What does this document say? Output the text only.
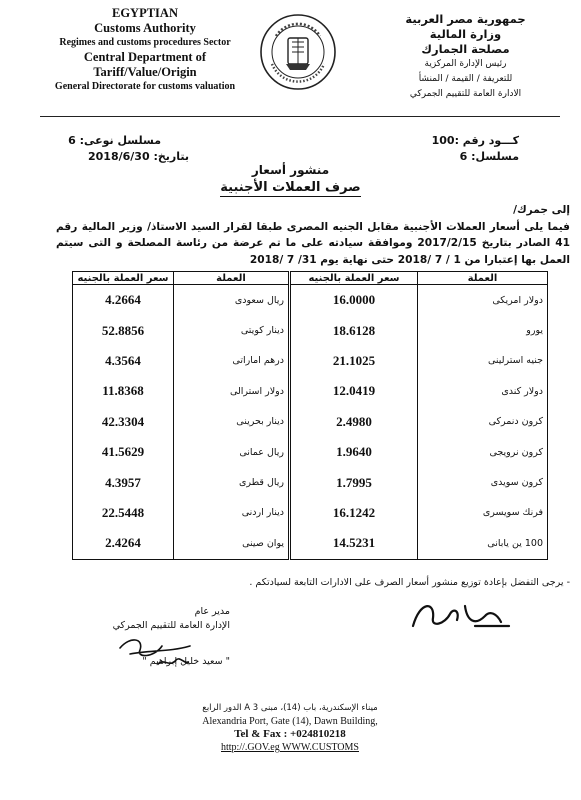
EGYPTIAN
Customs Authority
Regimes and customs procedures Sector
Central Department of
Tariff/Value/Origin
General Directorate for customs valuation
جمهورية مصر العربية
وزارة المالية
مصلحة الجمارك
رئيس الإدارة المركزية
للتعريفة / القيمة / المنشأ
الادارة العامة للتقييم الجمركي
كـــود رقم :100
مسلسل: 6
مسلسل نوعى: 6
بتاريخ: 2018/6/30
منشور أسعار
صرف العملات الأجنبية
إلى جمرك/
فيما يلى أسعار العملات الأجنبية مقابل الجنيه المصرى طبقا لقرار السيد الاستاذ/ وزير المالية رقم 41 الصادر بتاريخ 2017/2/15 وموافقة سيادته على ما تم عرضة من رئاسة المصلحة و التى سيتم العمل بها إعتبارا من 1 / 7 /2018 حتى نهاية يوم 31/ 7 /2018
العملة	سعر العملة بالجنيه
دولار امريكى	16.0000
يورو	18.6128
جنيه استرلينى	21.1025
دولار كندى	12.0419
كرون دنمركى	2.4980
كرون نرويجى	1.9640
كرون سويدى	1.7995
فرنك سويسرى	16.1242
100 ين يابانى	14.5231
العملة	سعر العملة بالجنيه
ريال سعودى	4.2664
دينار كويتى	52.8856
درهم اماراتى	4.3564
دولار استرالى	11.8368
دينار بحرينى	42.3304
ريال عمانى	41.5629
ريال قطرى	4.3957
دينار اردنى	22.5448
يوان صينى	2.4264
- يرجى التفضل بإعادة توزيع منشور أسعار الصرف على الادارات التابعة لسيادتكم .
مدير عام
الإدارة العامة للتقييم الجمركي
" سعيد خليل إبراهيم "
ميناء الإسكندرية، باب (14)، مبنى A 3 الدور الرابع
Alexandria Port, Gate (14), Dawn Building,
Tel & Fax : +024810218
http://.GOV.eg WWW.CUSTOMS
